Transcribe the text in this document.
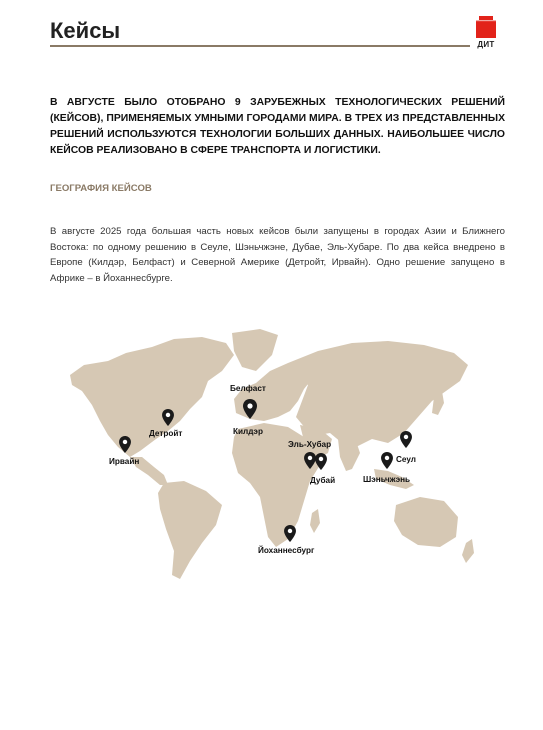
Кейсы
ДИТ

В АВГУСТЕ БЫЛО ОТОБРАНО 9 ЗАРУБЕЖНЫХ ТЕХНОЛОГИЧЕСКИХ РЕШЕНИЙ (КЕЙСОВ), ПРИМЕНЯЕМЫХ УМНЫМИ ГОРОДАМИ МИРА. В ТРЕХ ИЗ ПРЕДСТАВЛЕННЫХ РЕШЕНИЙ ИСПОЛЬЗУЮТСЯ ТЕХНОЛОГИИ БОЛЬШИХ ДАННЫХ. НАИБОЛЬШЕЕ ЧИСЛО КЕЙСОВ РЕАЛИЗОВАНО В СФЕРЕ ТРАНСПОРТА И ЛОГИСТИКИ.

ГЕОГРАФИЯ КЕЙСОВ

В августе 2025 года большая часть новых кейсов были запущены в городах Азии и Ближнего Востока: по одному решению в Сеуле, Шэньчжэне, Дубае, Эль-Хубаре. По два кейса внедрено в Европе (Килдэр, Белфаст) и Северной Америке (Детройт, Ирвайн). Одно решение запущено в Африке – в Йоханнесбурге.

Белфаст
Килдэр
Детройт
Ирвайн
Эль-Хубар
Дубай
Сеул
Шэньчжэнь
Йоханнесбург
